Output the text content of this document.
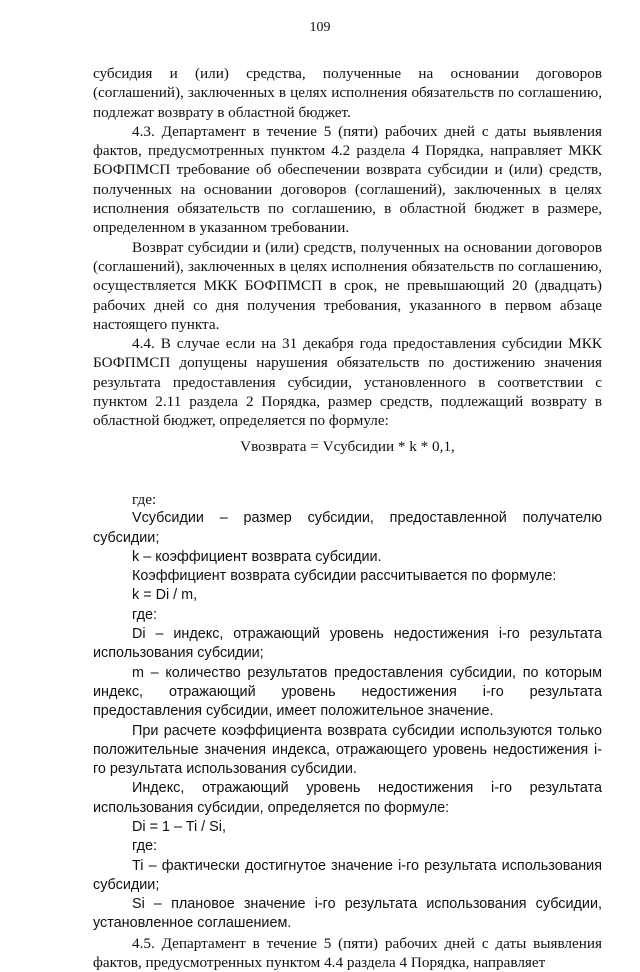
109

субсидия и (или) средства, полученные на основании договоров (соглашений), заключенных в целях исполнения обязательств по соглашению, подлежат возврату в областной бюджет.

4.3. Департамент в течение 5 (пяти) рабочих дней с даты выявления фактов, предусмотренных пунктом 4.2 раздела 4 Порядка, направляет МКК БОФПМСП требование об обеспечении возврата субсидии и (или) средств, полученных на основании договоров (соглашений), заключенных в целях исполнения обязательств по соглашению, в областной бюджет в размере, определенном в указанном требовании.

Возврат субсидии и (или) средств, полученных на основании договоров (соглашений), заключенных в целях исполнения обязательств по соглашению, осуществляется МКК БОФПМСП в срок, не превышающий 20 (двадцать) рабочих дней со дня получения требования, указанного в первом абзаце настоящего пункта.

4.4. В случае если на 31 декабря года предоставления субсидии МКК БОФПМСП допущены нарушения обязательств по достижению значения результата предоставления субсидии, установленного в соответствии с пунктом 2.11 раздела 2 Порядка, размер средств, подлежащий возврату в областной бюджет, определяется по формуле:

Vвозврата = Vсубсидии * k * 0,1,

где:

Vсубсидии – размер субсидии, предоставленной получателю субсидии;

k – коэффициент возврата субсидии.

Коэффициент возврата субсидии рассчитывается по формуле:

k = Di / m,

где:

Di – индекс, отражающий уровень недостижения i-го результата использования субсидии;

m – количество результатов предоставления субсидии, по которым индекс, отражающий уровень недостижения i-го результата предоставления субсидии, имеет положительное значение.

При расчете коэффициента возврата субсидии используются только положительные значения индекса, отражающего уровень недостижения i-го результата использования субсидии.

Индекс, отражающий уровень недостижения i-го результата использования субсидии, определяется по формуле:

Di = 1 – Ti / Si,

где:

Ti – фактически достигнутое значение i-го результата использования субсидии;

Si – плановое значение i-го результата использования субсидии, установленное соглашением.

4.5. Департамент в течение 5 (пяти) рабочих дней с даты выявления фактов, предусмотренных пунктом 4.4 раздела 4 Порядка, направляет
